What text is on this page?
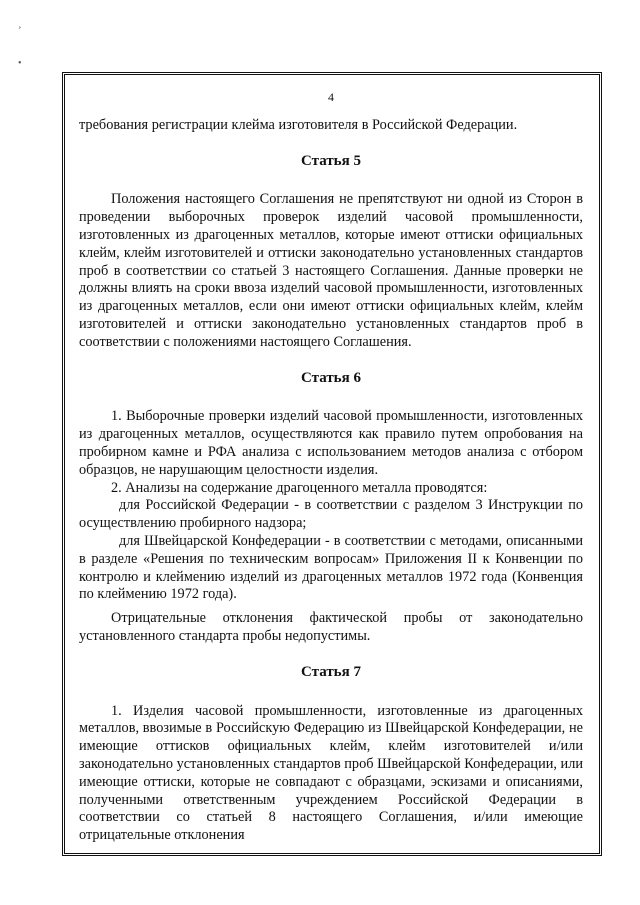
¸
•
4

требования регистрации клейма изготовителя в Российской Федерации.

Статья 5

Положения настоящего Соглашения не препятствуют ни одной из Сторон в проведении выборочных проверок изделий часовой промышленности, изготовленных из драгоценных металлов, которые имеют оттиски официальных клейм, клейм изготовителей и оттиски законодательно установленных стандартов проб в соответствии со статьей 3 настоящего Соглашения. Данные проверки не должны влиять на сроки ввоза изделий часовой промышленности, изготовленных из драгоценных металлов, если они имеют оттиски официальных клейм, клейм изготовителей и оттиски законодательно установленных стандартов проб в соответствии с положениями настоящего Соглашения.

Статья 6

1. Выборочные проверки изделий часовой промышленности, изготовленных из драгоценных металлов, осуществляются как правило путем опробования на пробирном камне и РФА анализа с использованием методов анализа с отбором образцов, не нарушающим целостности изделия.

2. Анализы на содержание драгоценного металла проводятся:

для Российской Федерации - в соответствии с разделом 3 Инструкции по осуществлению пробирного надзора;

для Швейцарской Конфедерации - в соответствии с методами, описанными в разделе «Решения по техническим вопросам» Приложения II к Конвенции по контролю и клеймению изделий из драгоценных металлов 1972 года (Конвенция по клеймению 1972 года).

Отрицательные отклонения фактической пробы от законодательно установленного стандарта пробы недопустимы.

Статья 7

1. Изделия часовой промышленности, изготовленные из драгоценных металлов, ввозимые в Российскую Федерацию из Швейцарской Конфедерации, не имеющие оттисков официальных клейм, клейм изготовителей и/или законодательно установленных стандартов проб Швейцарской Конфедерации, или имеющие оттиски, которые не совпадают с образцами, эскизами и описаниями, полученными ответственным учреждением Российской Федерации в соответствии со статьей 8 настоящего Соглашения, и/или имеющие отрицательные отклонения
